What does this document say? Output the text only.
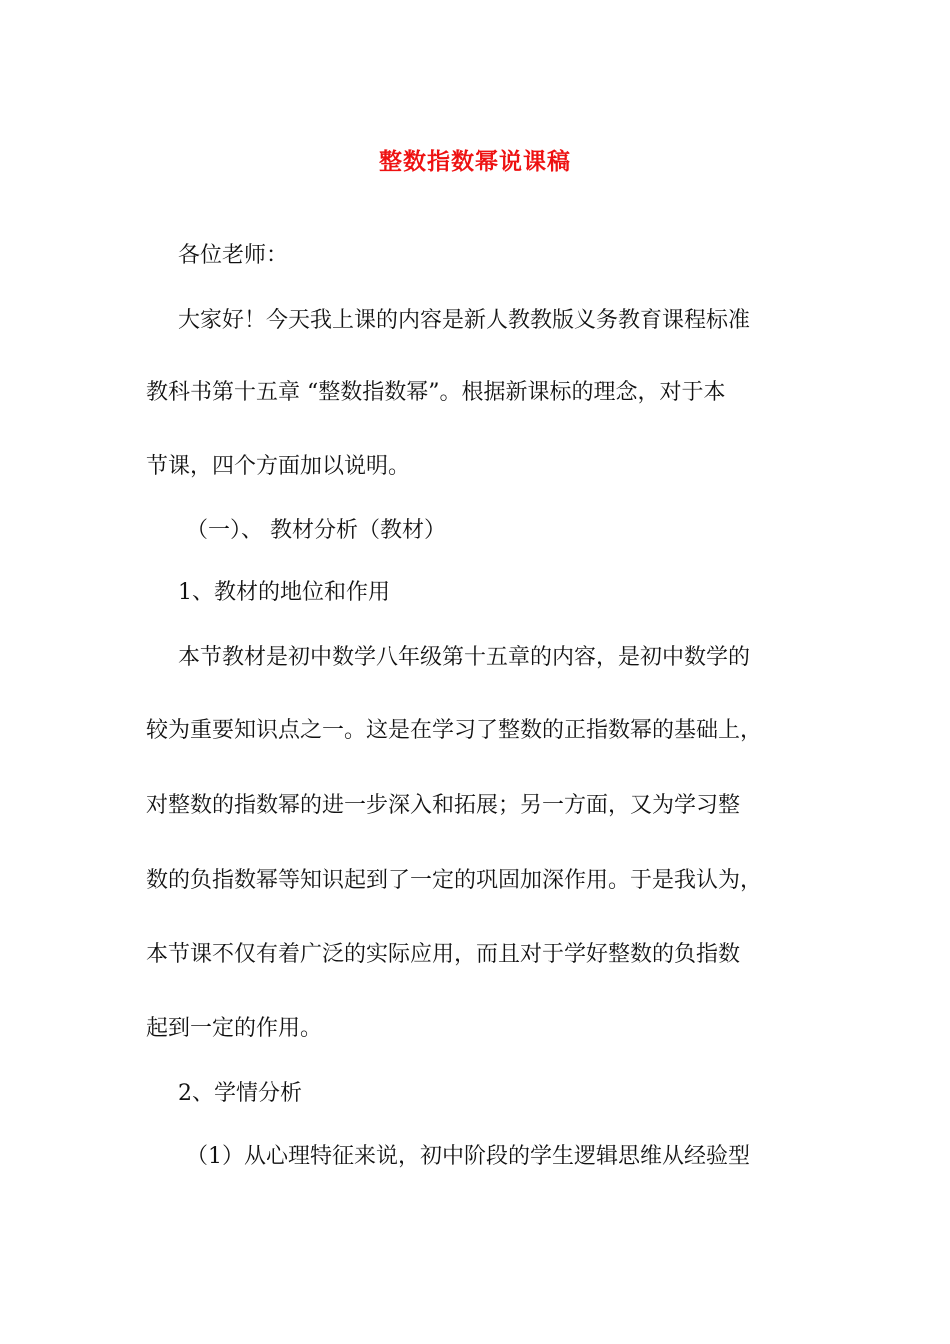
整数指数幂说课稿
各位老师：
大家好！今天我上课的内容是新人教教版义务教育课程标准
教科书第十五章 “整数指数幂”。根据新课标的理念，对于本
节课，四个方面加以说明。
（一）、 教材分析（教材）
1、教材的地位和作用
本节教材是初中数学八年级第十五章的内容，是初中数学的
较为重要知识点之一。这是在学习了整数的正指数幂的基础上，
对整数的指数幂的进一步深入和拓展；另一方面，又为学习整
数的负指数幂等知识起到了一定的巩固加深作用。于是我认为，
本节课不仅有着广泛的实际应用，而且对于学好整数的负指数
起到一定的作用。
2、学情分析
（1）从心理特征来说，初中阶段的学生逻辑思维从经验型
